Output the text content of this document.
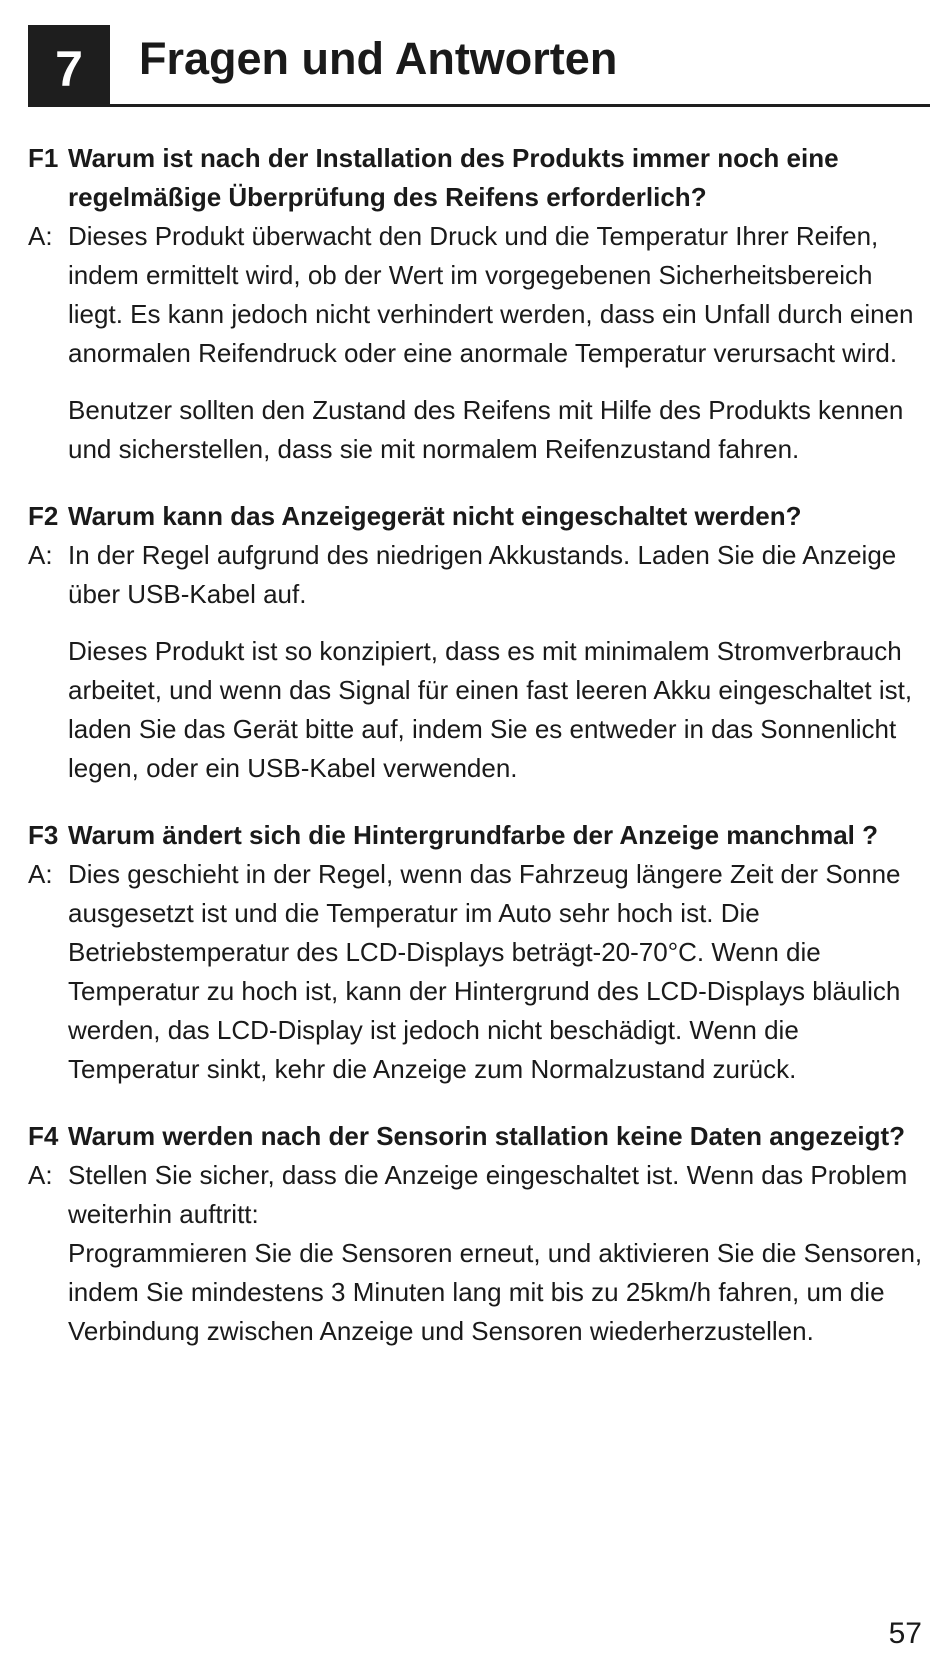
7	Fragen und Antworten
F1 Warum ist nach der Installation des Produkts immer noch eine regelmäßige Überprüfung des Reifens erforderlich?
A: Dieses Produkt überwacht den Druck und die Temperatur Ihrer Reifen, indem ermittelt wird, ob der Wert im vorgegebenen Sicherheitsbereich liegt. Es kann jedoch nicht verhindert werden, dass ein Unfall durch einen anormalen Reifendruck oder eine anormale Temperatur verursacht wird.

Benutzer sollten den Zustand des Reifens mit Hilfe des Produkts kennen und sicherstellen, dass sie mit normalem Reifenzustand fahren.

F2 Warum kann das Anzeigegerät nicht eingeschaltet werden?
A: In der Regel aufgrund des niedrigen Akkustands. Laden Sie die Anzeige über USB-Kabel auf.

Dieses Produkt ist so konzipiert, dass es mit minimalem Stromverbrauch arbeitet, und wenn das Signal für einen fast leeren Akku eingeschaltet ist, laden Sie das Gerät bitte auf, indem Sie es entweder in das Sonnenlicht legen, oder ein USB-Kabel verwenden.

F3 Warum ändert sich die Hintergrundfarbe der Anzeige manchmal ?
A: Dies geschieht in der Regel, wenn das Fahrzeug längere Zeit der Sonne ausgesetzt ist und die Temperatur im Auto sehr hoch ist. Die Betriebstemperatur des LCD-Displays beträgt-20-70°C. Wenn die Temperatur zu hoch ist, kann der Hintergrund des LCD-Displays bläulich werden, das LCD-Display ist jedoch nicht beschädigt. Wenn die Temperatur sinkt, kehr die Anzeige zum Normalzustand zurück.

F4 Warum werden nach der Sensorin stallation keine Daten angezeigt?
A: Stellen Sie sicher, dass die Anzeige eingeschaltet ist. Wenn das Problem weiterhin auftritt:

Programmieren Sie die Sensoren erneut, und aktivieren Sie die Sensoren, indem Sie mindestens 3 Minuten lang mit bis zu 25km/h fahren, um die Verbindung zwischen Anzeige und Sensoren wiederherzustellen.

57
